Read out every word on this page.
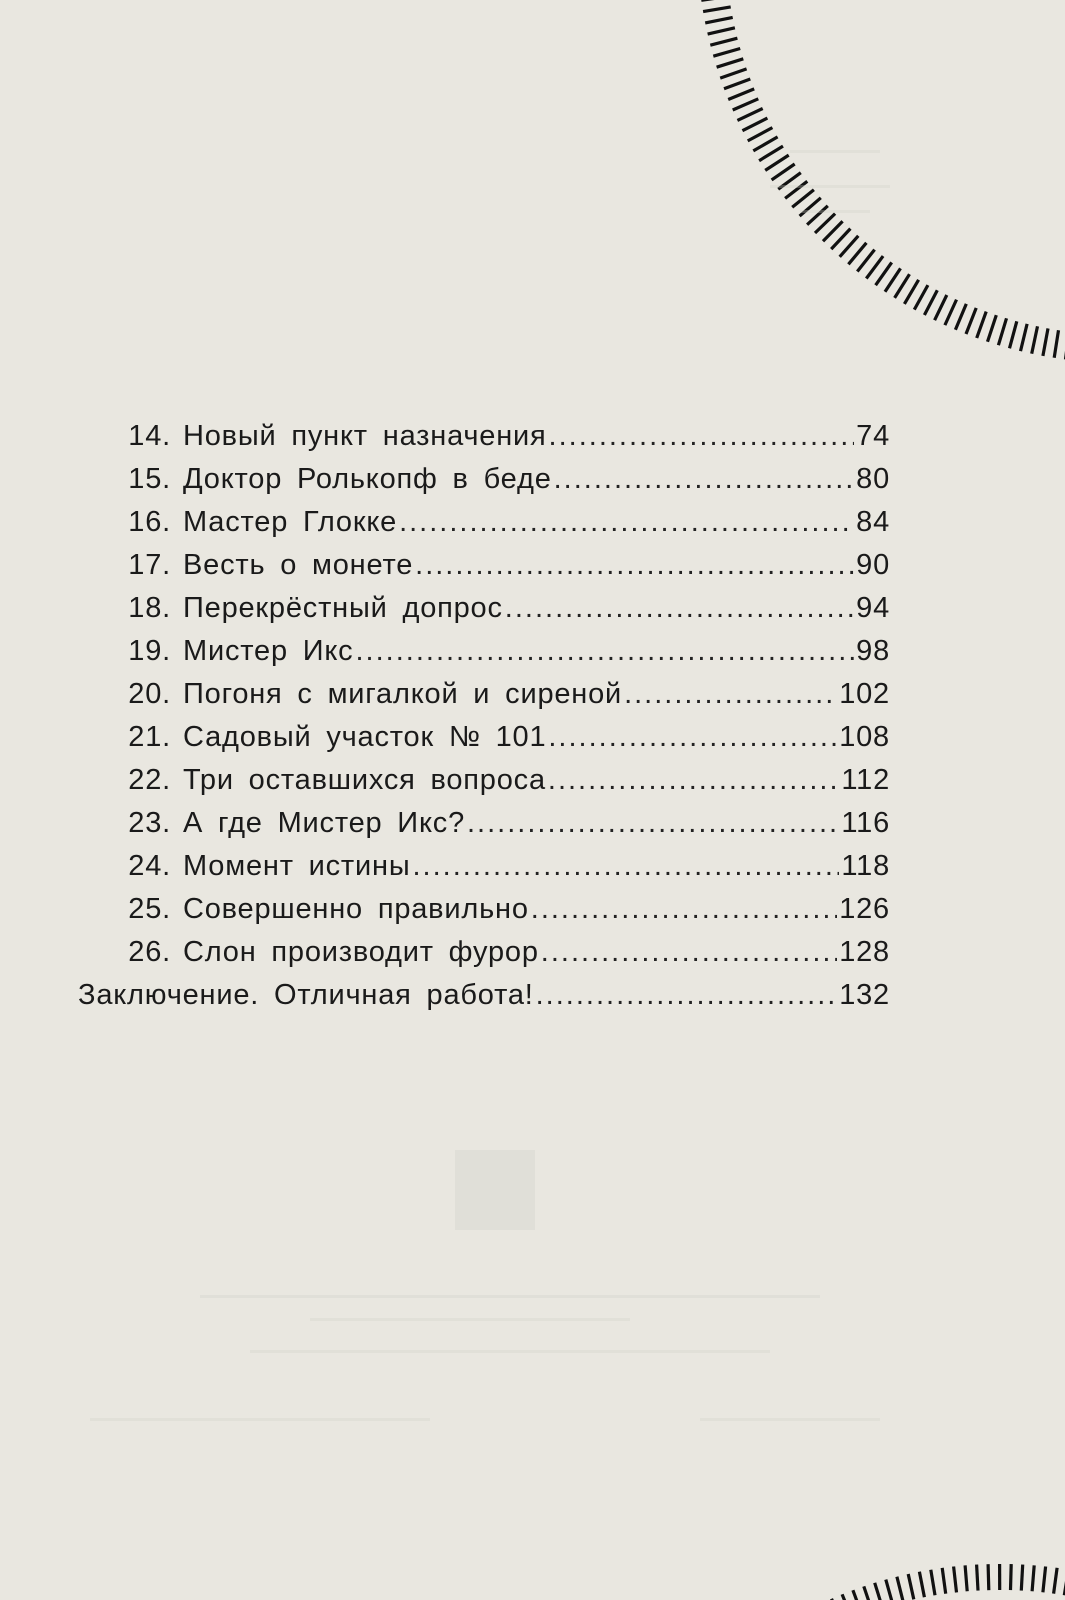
14. Новый пункт назначения .....	74
15. Доктор Ролькопф в беде .....	80
16. Мастер Глокке .....	84
17. Весть о монете .....	90
18. Перекрёстный допрос .....	94
19. Мистер Икс .....	98
20. Погоня с мигалкой и сиреной .....	102
21. Садовый участок № 101 .....	108
22. Три оставшихся вопроса .....	112
23. А где Мистер Икс? .....	116
24. Момент истины .....	118
25. Совершенно правильно .....	126
26. Слон производит фурор .....	128
Заключение. Отличная работа! .....	132
